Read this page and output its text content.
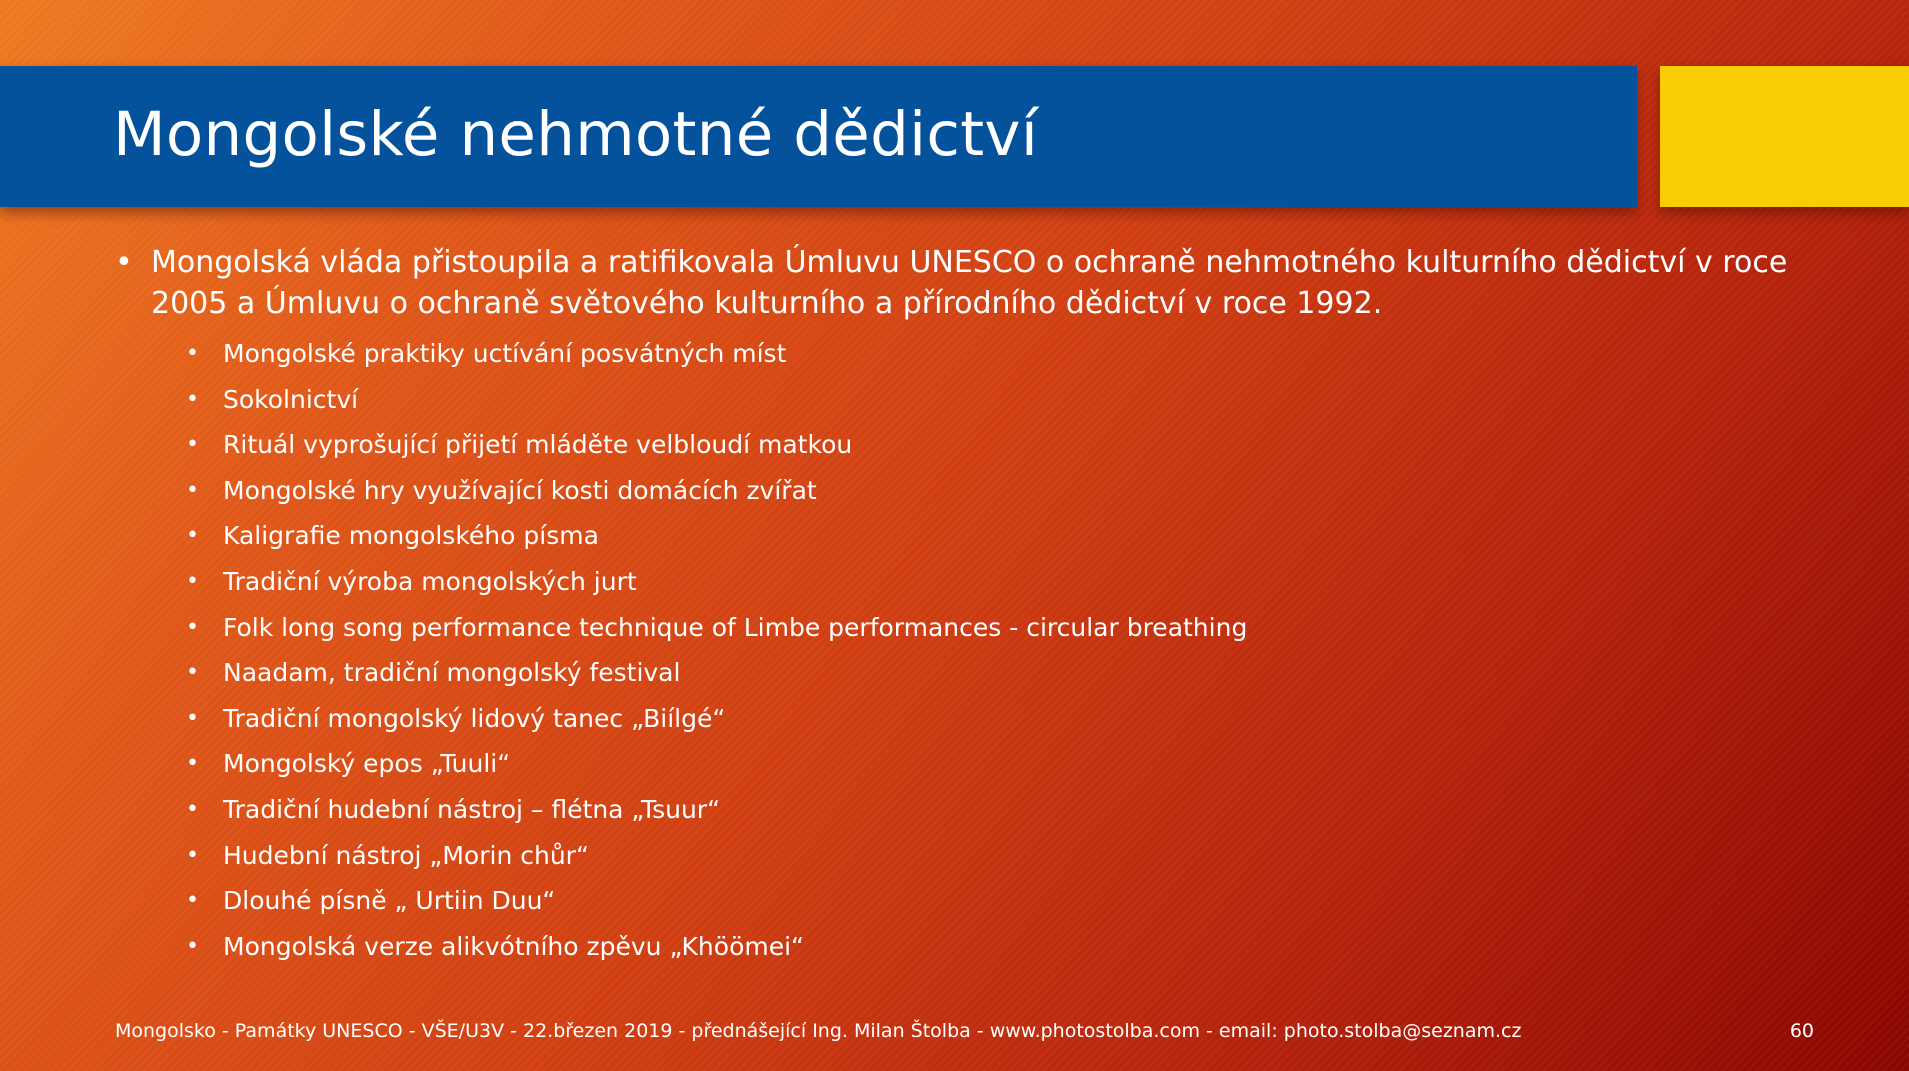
Mongolské nehmotné dědictví
• Mongolská vláda přistoupila a ratifikovala Úmluvu UNESCO o ochraně nehmotného kulturního dědictví v roce 2005 a Úmluvu o ochraně světového kulturního a přírodního dědictví v roce 1992.
• Mongolské praktiky uctívání posvátných míst
• Sokolnictví
• Rituál vyprošující přijetí mláděte velbloudí matkou
• Mongolské hry využívající kosti domácích zvířat
• Kaligrafie mongolského písma
• Tradiční výroba mongolských jurt
• Folk long song performance technique of Limbe performances - circular breathing
• Naadam, tradiční mongolský festival
• Tradiční mongolský lidový tanec „Biílgé“
• Mongolský epos „Tuuli“
• Tradiční hudební nástroj – flétna „Tsuur“
• Hudební nástroj „Morin chůr“
• Dlouhé písně „ Urtiin Duu“
• Mongolská verze alikvótního zpěvu „Khöömei“
Mongolsko - Památky UNESCO - VŠE/U3V - 22.březen 2019 - přednášející Ing. Milan Štolba - www.photostolba.com - email: photo.stolba@seznam.cz	60
